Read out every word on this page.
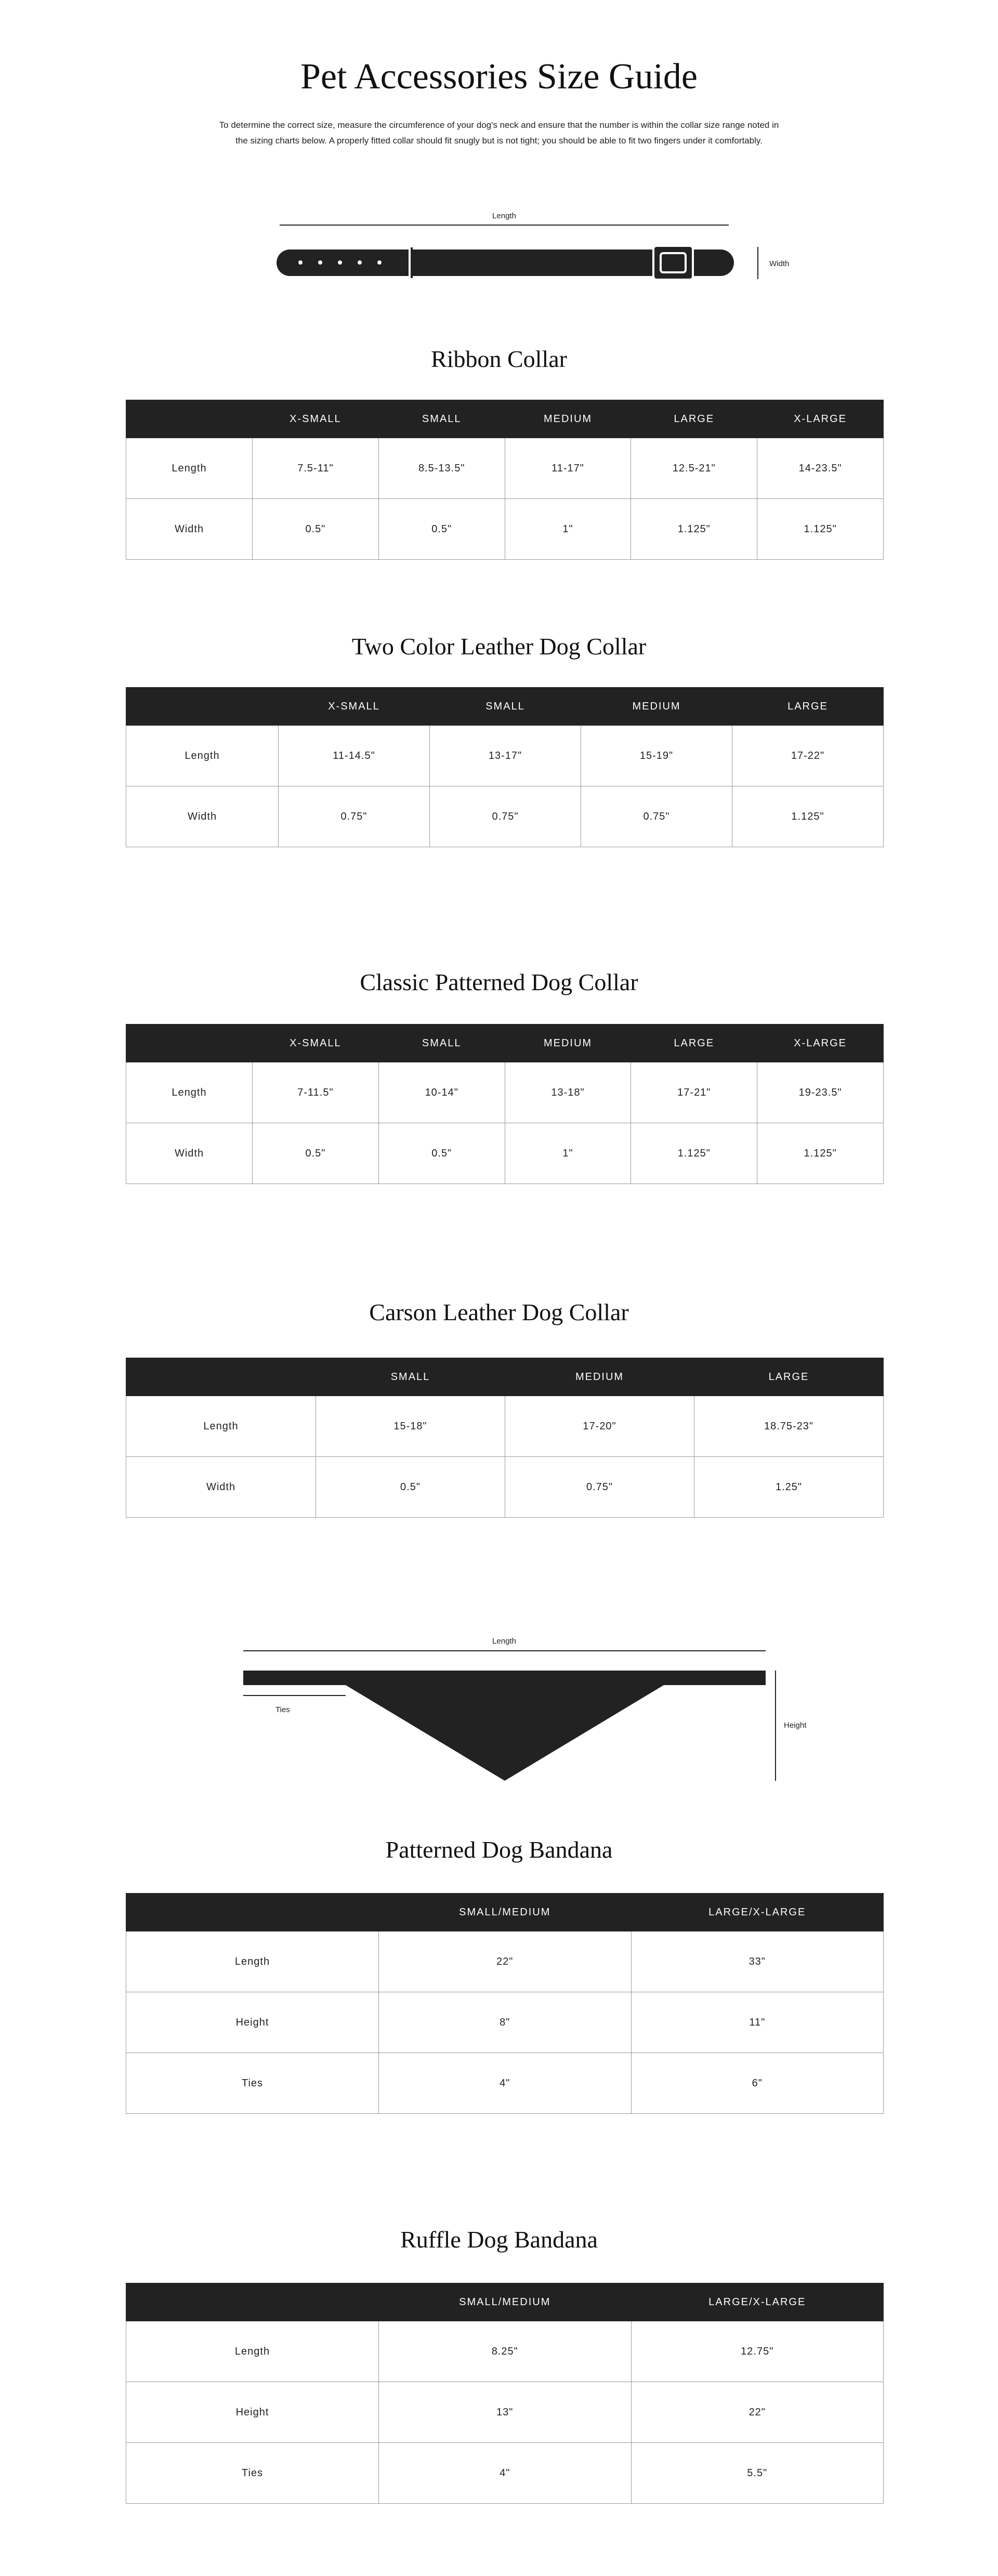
Pet Accessories Size Guide
To determine the correct size, measure the circumference of your dog's neck and ensure that the number is within the collar size range noted in
the sizing charts below. A properly fitted collar should fit snugly but is not tight; you should be able to fit two fingers under it comfortably.
Length
Width
Length
Ties
Height
Ribbon Collar
	X-SMALL	SMALL	MEDIUM	LARGE	X-LARGE
Length	7.5-11"	8.5-13.5"	11-17"	12.5-21"	14-23.5"
Width	0.5"	0.5"	1"	1.125"	1.125"
Two Color Leather Dog Collar
	X-SMALL	SMALL	MEDIUM	LARGE
Length	11-14.5"	13-17"	15-19"	17-22"
Width	0.75"	0.75"	0.75"	1.125"
Classic Patterned Dog Collar
	X-SMALL	SMALL	MEDIUM	LARGE	X-LARGE
Length	7-11.5"	10-14"	13-18"	17-21"	19-23.5"
Width	0.5"	0.5"	1"	1.125"	1.125"
Carson Leather Dog Collar
	SMALL	MEDIUM	LARGE
Length	15-18"	17-20"	18.75-23"
Width	0.5"	0.75"	1.25"
Patterned Dog Bandana
	SMALL/MEDIUM	LARGE/X-LARGE
Length	22"	33"
Height	8"	11"
Ties	4"	6"
Ruffle Dog Bandana
	SMALL/MEDIUM	LARGE/X-LARGE
Length	8.25"	12.75"
Height	13"	22"
Ties	4"	5.5"
